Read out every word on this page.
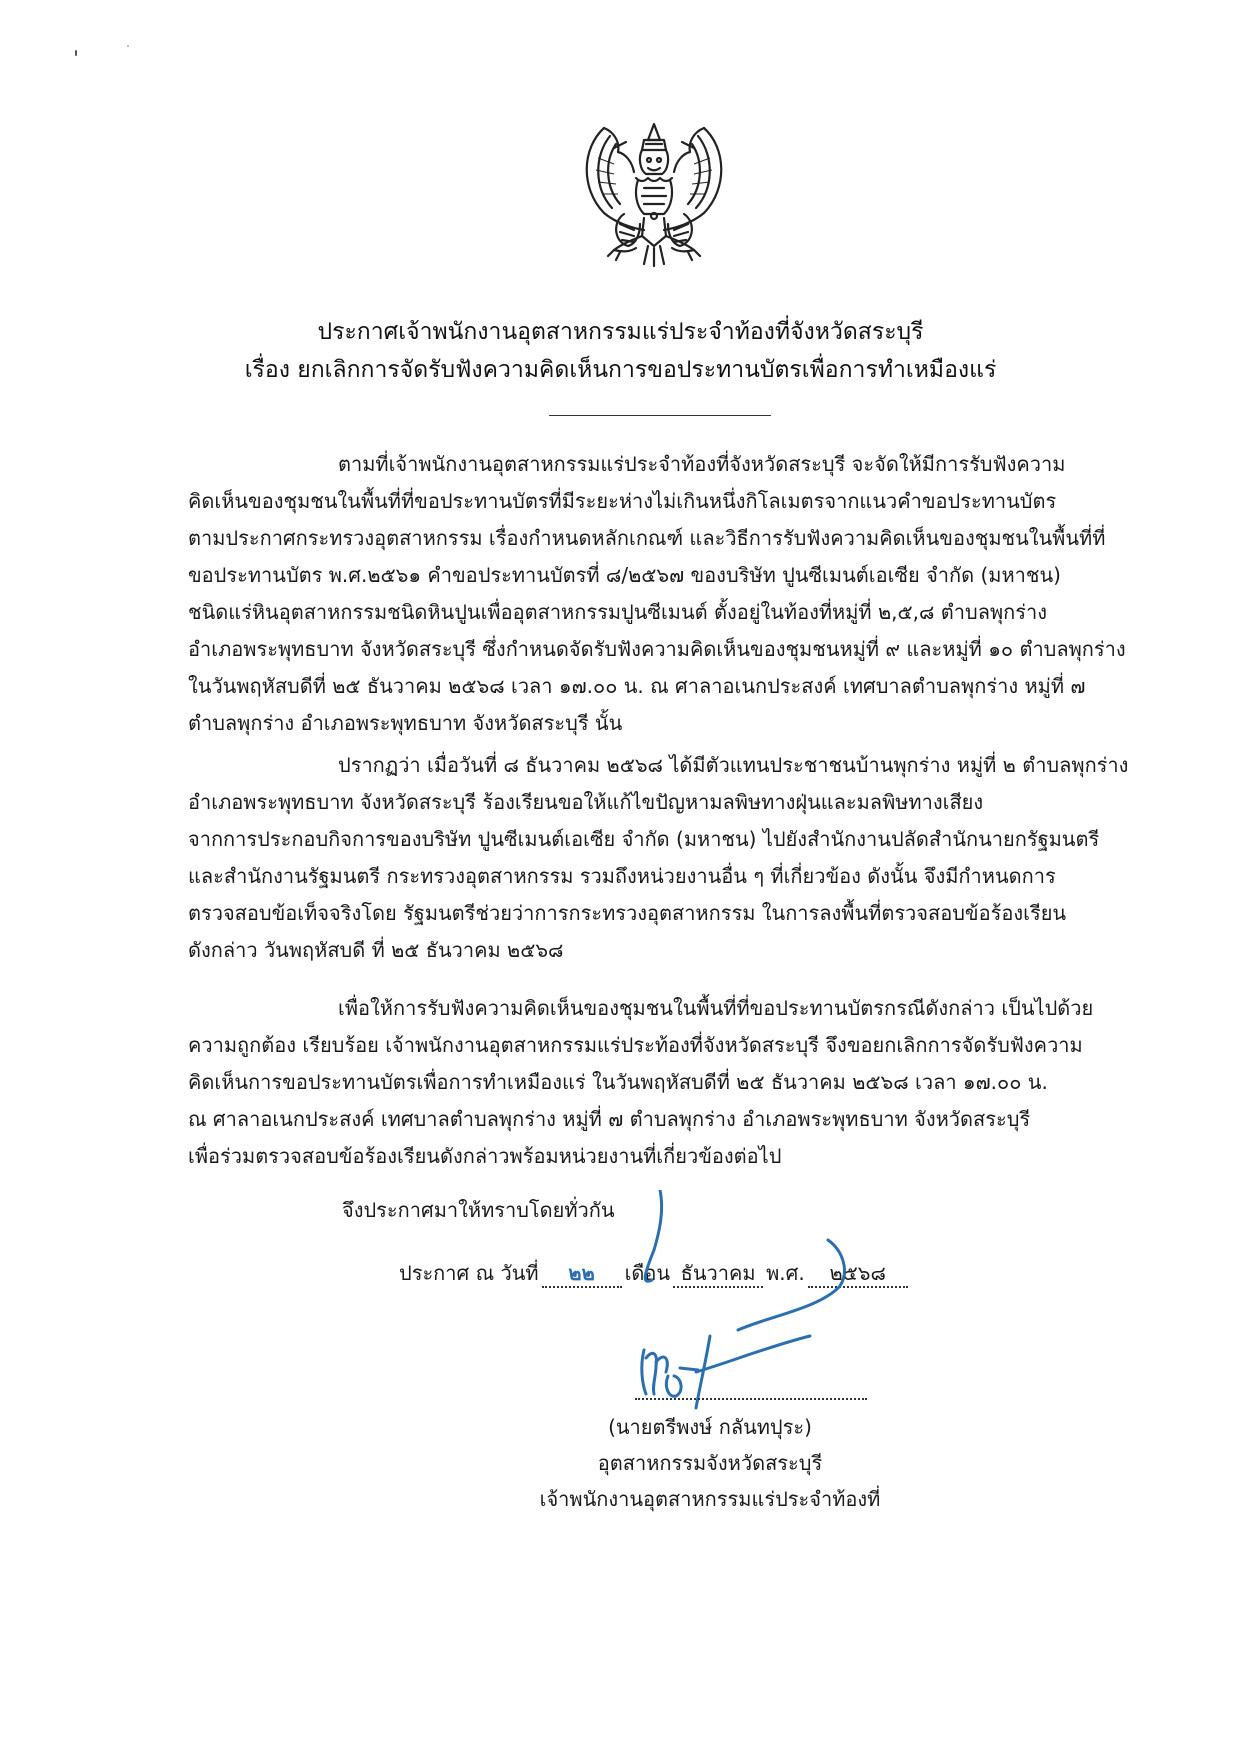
ประกาศเจ้าพนักงานอุตสาหกรรมแร่ประจำท้องที่จังหวัดสระบุรี
เรื่อง ยกเลิกการจัดรับฟังความคิดเห็นการขอประทานบัตรเพื่อการทำเหมืองแร่
ตามที่เจ้าพนักงานอุตสาหกรรมแร่ประจำท้องที่จังหวัดสระบุรี จะจัดให้มีการรับฟังความ
คิดเห็นของชุมชนในพื้นที่ที่ขอประทานบัตรที่มีระยะห่างไม่เกินหนึ่งกิโลเมตรจากแนวคำขอประทานบัตร
ตามประกาศกระทรวงอุตสาหกรรม เรื่องกำหนดหลักเกณฑ์ และวิธีการรับฟังความคิดเห็นของชุมชนในพื้นที่ที่
ขอประทานบัตร พ.ศ.๒๕๖๑ คำขอประทานบัตรที่ ๘/๒๕๖๗ ของบริษัท ปูนซีเมนต์เอเซีย จำกัด (มหาชน)
ชนิดแร่หินอุตสาหกรรมชนิดหินปูนเพื่ออุตสาหกรรมปูนซีเมนต์ ตั้งอยู่ในท้องที่หมู่ที่ ๒,๕,๘ ตำบลพุกร่าง
อำเภอพระพุทธบาท จังหวัดสระบุรี ซึ่งกำหนดจัดรับฟังความคิดเห็นของชุมชนหมู่ที่ ๙ และหมู่ที่ ๑๐ ตำบลพุกร่าง
ในวันพฤหัสบดีที่ ๒๕ ธันวาคม ๒๕๖๘ เวลา ๑๗.๐๐ น. ณ ศาลาอเนกประสงค์ เทศบาลตำบลพุกร่าง หมู่ที่ ๗
ตำบลพุกร่าง อำเภอพระพุทธบาท จังหวัดสระบุรี นั้น
ปรากฏว่า เมื่อวันที่ ๘ ธันวาคม ๒๕๖๘ ได้มีตัวแทนประชาชนบ้านพุกร่าง หมู่ที่ ๒ ตำบลพุกร่าง
อำเภอพระพุทธบาท จังหวัดสระบุรี ร้องเรียนขอให้แก้ไขปัญหามลพิษทางฝุ่นและมลพิษทางเสียง
จากการประกอบกิจการของบริษัท ปูนซีเมนต์เอเซีย จำกัด (มหาชน) ไปยังสำนักงานปลัดสำนักนายกรัฐมนตรี
และสำนักงานรัฐมนตรี กระทรวงอุตสาหกรรม รวมถึงหน่วยงานอื่น ๆ ที่เกี่ยวข้อง ดังนั้น จึงมีกำหนดการ
ตรวจสอบข้อเท็จจริงโดย รัฐมนตรีช่วยว่าการกระทรวงอุตสาหกรรม ในการลงพื้นที่ตรวจสอบข้อร้องเรียน
ดังกล่าว วันพฤหัสบดี ที่ ๒๕ ธันวาคม ๒๕๖๘
เพื่อให้การรับฟังความคิดเห็นของชุมชนในพื้นที่ที่ขอประทานบัตรกรณีดังกล่าว เป็นไปด้วย
ความถูกต้อง เรียบร้อย เจ้าพนักงานอุตสาหกรรมแร่ประท้องที่จังหวัดสระบุรี จึงขอยกเลิกการจัดรับฟังความ
คิดเห็นการขอประทานบัตรเพื่อการทำเหมืองแร่ ในวันพฤหัสบดีที่ ๒๕ ธันวาคม ๒๕๖๘ เวลา ๑๗.๐๐ น.
ณ ศาลาอเนกประสงค์ เทศบาลตำบลพุกร่าง หมู่ที่ ๗ ตำบลพุกร่าง อำเภอพระพุทธบาท จังหวัดสระบุรี
เพื่อร่วมตรวจสอบข้อร้องเรียนดังกล่าวพร้อมหน่วยงานที่เกี่ยวข้องต่อไป
จึงประกาศมาให้ทราบโดยทั่วกัน
ประกาศ ณ วันที่ ๒๒ เดือน ธันวาคม พ.ศ. ๒๕๖๘
(นายตรีพงษ์ กลันทปุระ)
อุตสาหกรรมจังหวัดสระบุรี
เจ้าพนักงานอุตสาหกรรมแร่ประจำท้องที่
